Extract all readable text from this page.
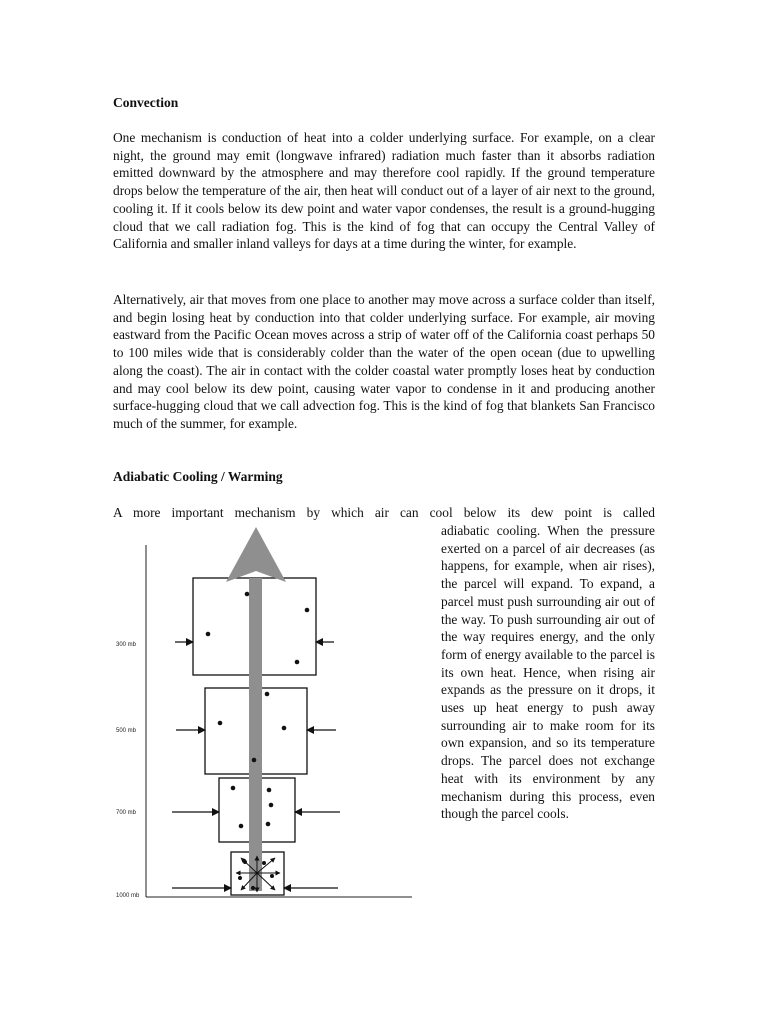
Convection

One mechanism is conduction of heat into a colder underlying surface. For example, on a clear night, the ground may emit (longwave infrared) radiation much faster than it absorbs radiation emitted downward by the atmosphere and may therefore cool rapidly. If the ground temperature drops below the temperature of the air, then heat will conduct out of a layer of air next to the ground, cooling it. If it cools below its dew point and water vapor condenses, the result is a ground-hugging cloud that we call radiation fog. This is the kind of fog that can occupy the Central Valley of California and smaller inland valleys for days at a time during the winter, for example.

Alternatively, air that moves from one place to another may move across a surface colder than itself, and begin losing heat by conduction into that colder underlying surface. For example, air moving eastward from the Pacific Ocean moves across a strip of water off of the California coast perhaps 50 to 100 miles wide that is considerably colder than the water of the open ocean (due to upwelling along the coast). The air in contact with the colder coastal water promptly loses heat by conduction and may cool below its dew point, causing water vapor to condense in it and producing another surface-hugging cloud that we call advection fog. This is the kind of fog that blankets San Francisco much of the summer, for example.

Adiabatic Cooling / Warming

A more important mechanism by which air can cool below its dew point is called

adiabatic cooling. When the pressure exerted on a parcel of air decreases (as happens, for example, when air rises), the parcel will expand. To expand, a parcel must push surrounding air out of the way. To push surrounding air out of the way requires energy, and the only form of energy available to the parcel is its own heat. Hence, when rising air expands as the pressure on it drops, it uses up heat energy to push away surrounding air to make room for its own expansion, and so its temperature drops. The parcel does not exchange heat with its environment by any mechanism during this process, even though the parcel cools.

300 mb
500 mb
700 mb
1000 mb
